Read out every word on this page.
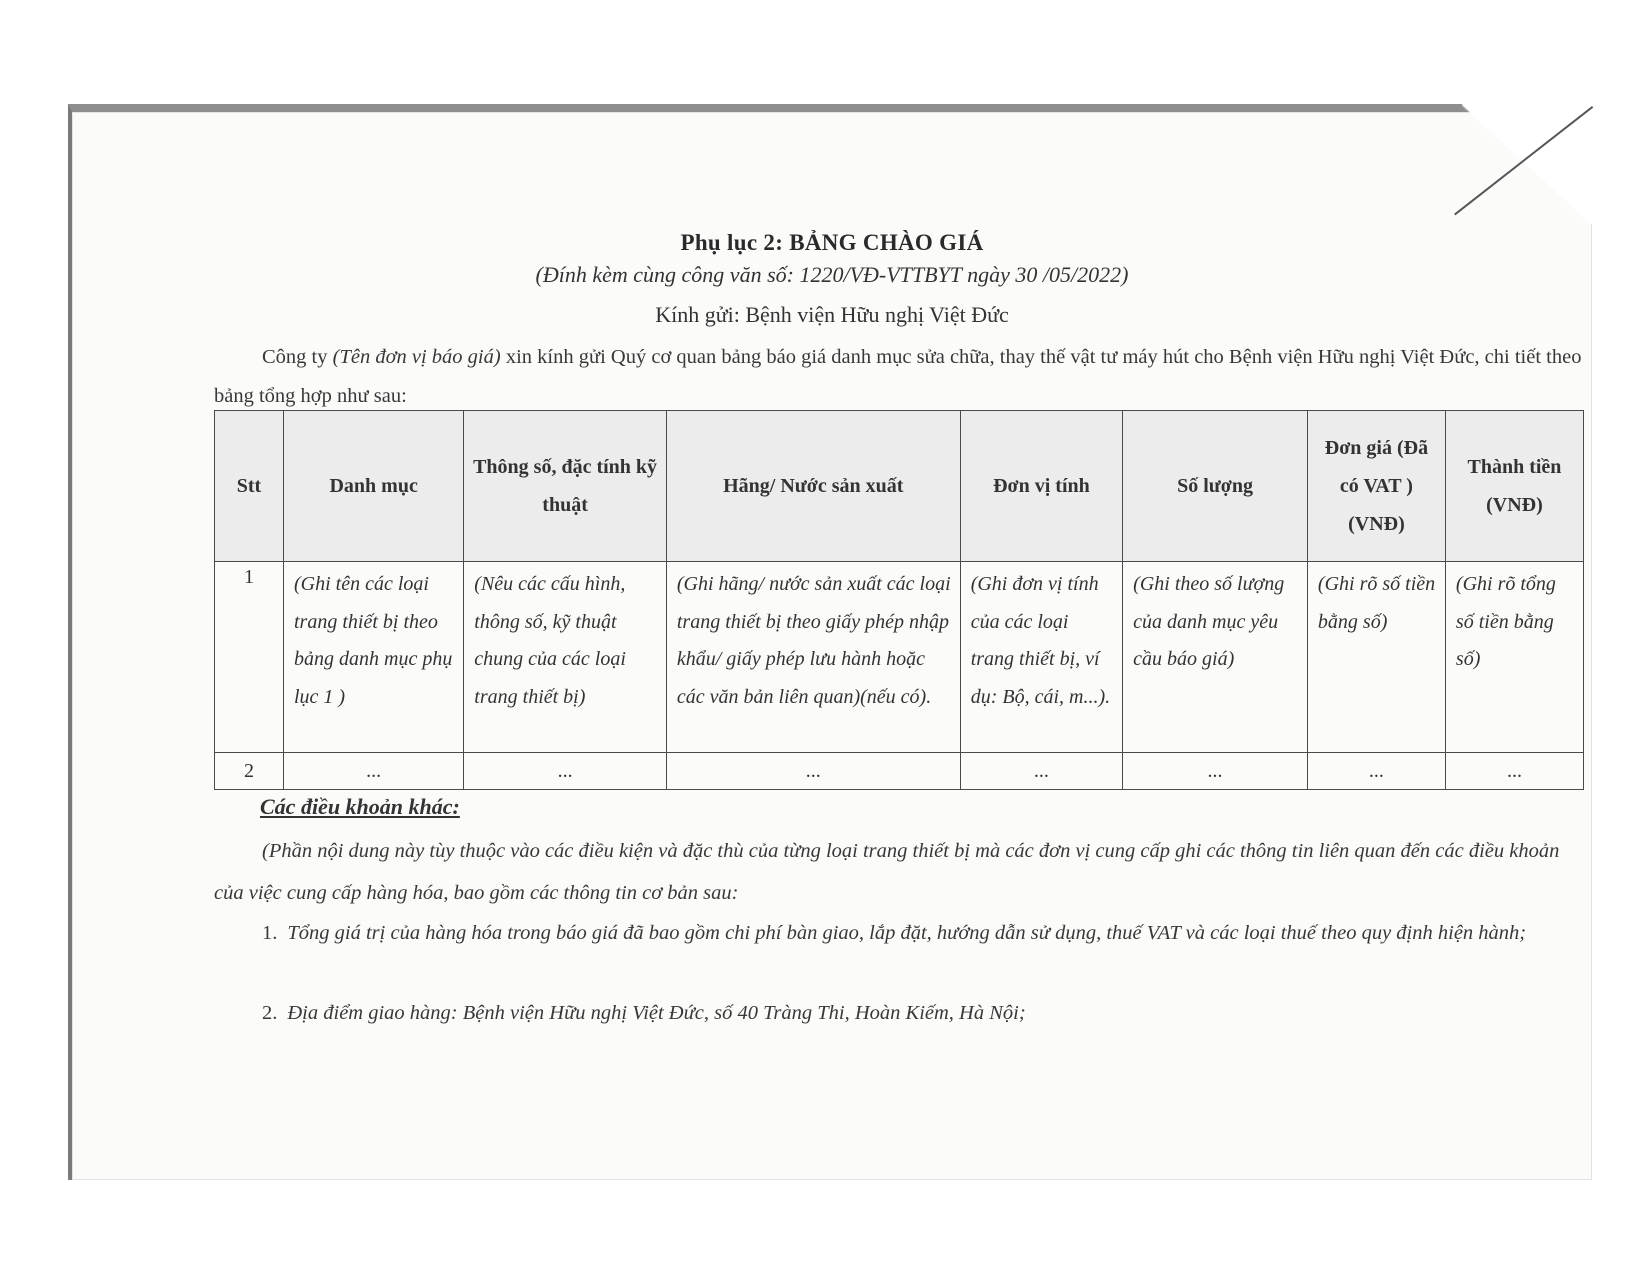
Phụ lục 2: BẢNG CHÀO GIÁ

(Đính kèm cùng công văn số: 1220/VĐ-VTTBYT ngày 30 /05/2022)

Kính gửi: Bệnh viện Hữu nghị Việt Đức

Công ty (Tên đơn vị báo giá) xin kính gửi Quý cơ quan bảng báo giá danh mục sửa chữa, thay thế vật tư máy hút cho Bệnh viện Hữu nghị Việt Đức, chi tiết theo bảng tổng hợp như sau:

Stt	Danh mục	Thông số, đặc tính kỹ thuật	Hãng/ Nước sản xuất	Đơn vị tính	Số lượng	Đơn giá (Đã có VAT ) (VNĐ)	Thành tiền (VNĐ)
1	(Ghi tên các loại trang thiết bị theo bảng danh mục phụ lục 1 )	(Nêu các cấu hình, thông số, kỹ thuật chung của các loại trang thiết bị)	(Ghi hãng/ nước sản xuất các loại trang thiết bị theo giấy phép nhập khẩu/ giấy phép lưu hành hoặc các văn bản liên quan)(nếu có).	(Ghi đơn vị tính của các loại trang thiết bị, ví dụ: Bộ, cái, m...).	(Ghi theo số lượng của danh mục yêu cầu báo giá)	(Ghi rõ số tiền bằng số)	(Ghi rõ tổng số tiền bằng số)
2	...	...	...	...	...	...	...

Các điều khoản khác:

(Phần nội dung này tùy thuộc vào các điều kiện và đặc thù của từng loại trang thiết bị mà các đơn vị cung cấp ghi các thông tin liên quan đến các điều khoản của việc cung cấp hàng hóa, bao gồm các thông tin cơ bản sau:

1. Tổng giá trị của hàng hóa trong báo giá đã bao gồm chi phí bàn giao, lắp đặt, hướng dẫn sử dụng, thuế VAT và các loại thuế theo quy định hiện hành;

2. Địa điểm giao hàng: Bệnh viện Hữu nghị Việt Đức, số 40 Tràng Thi, Hoàn Kiếm, Hà Nội;
